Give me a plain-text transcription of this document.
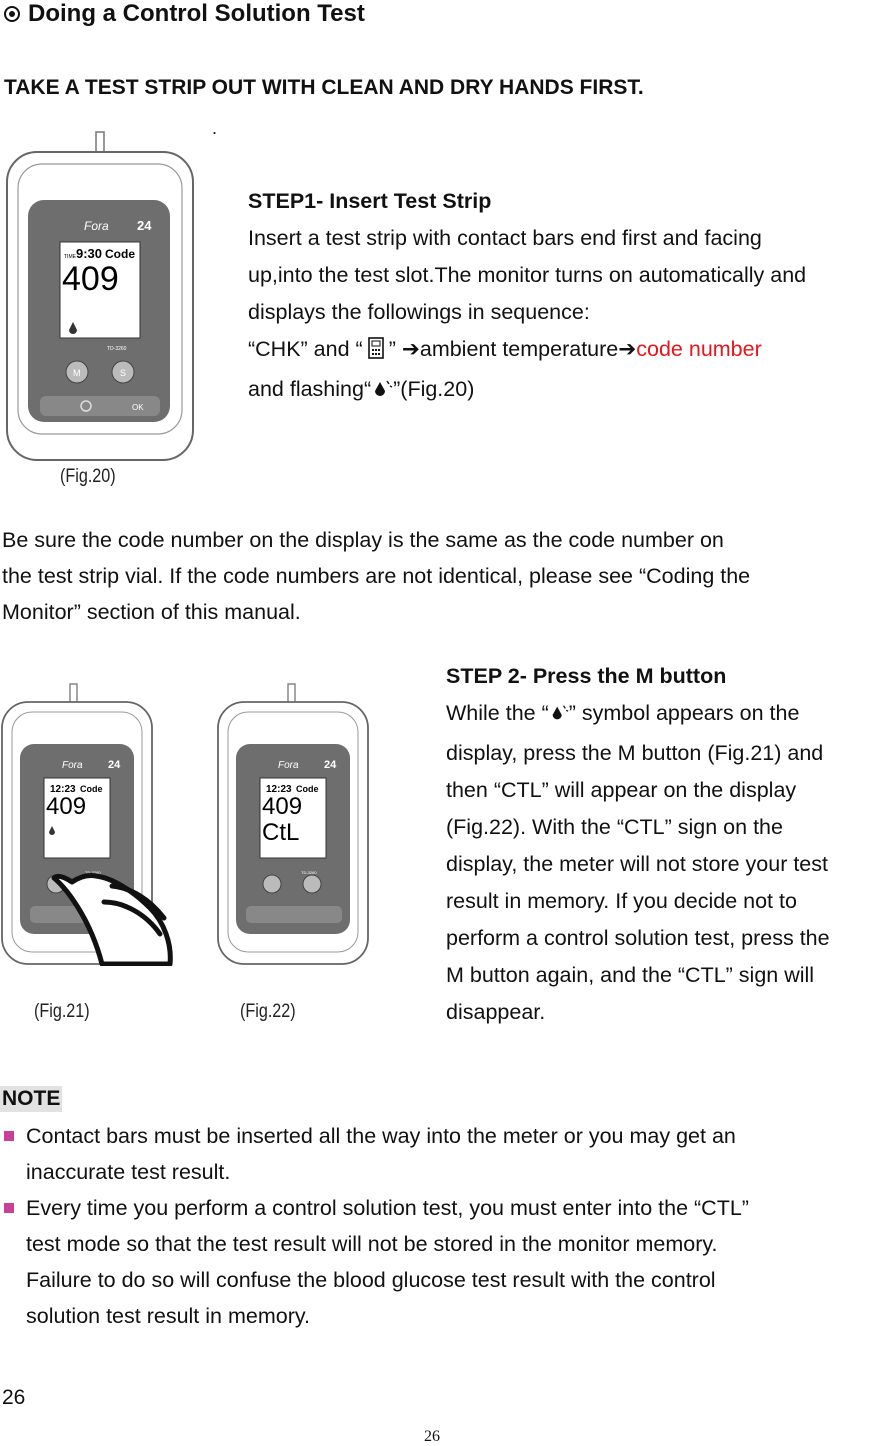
Doing a Control Solution Test
TAKE A TEST STRIP OUT WITH CLEAN AND DRY HANDS FIRST.
.
Fora 24
TIME 9:30 Code
409
TD-3260
M	S
OK
(Fig.20)
STEP1- Insert Test Strip
Insert a test strip with contact bars end first and facing
up,into the test slot.The monitor turns on automatically and
displays the followings in sequence:
“CHK” and “ ” ➔ambient temperature➔code number
and flashing“ ”(Fig.20)
Be sure the code number on the display is the same as the code number on
the test strip vial. If the code numbers are not identical, please see “Coding the
Monitor” section of this manual.
Fora 24
12:23 Code
409
TD-3260
(Fig.21)
Fora 24
12:23 Code
409
CtL
TD-3260
(Fig.22)
STEP 2- Press the M button
While the “ ” symbol appears on the
display, press the M button (Fig.21) and
then “CTL” will appear on the display
(Fig.22). With the “CTL” sign on the
display, the meter will not store your test
result in memory. If you decide not to
perform a control solution test, press the
M button again, and the “CTL” sign will
disappear.
NOTE
Contact bars must be inserted all the way into the meter or you may get an
inaccurate test result.
Every time you perform a control solution test, you must enter into the “CTL”
test mode so that the test result will not be stored in the monitor memory.
Failure to do so will confuse the blood glucose test result with the control
solution test result in memory.
26
26
